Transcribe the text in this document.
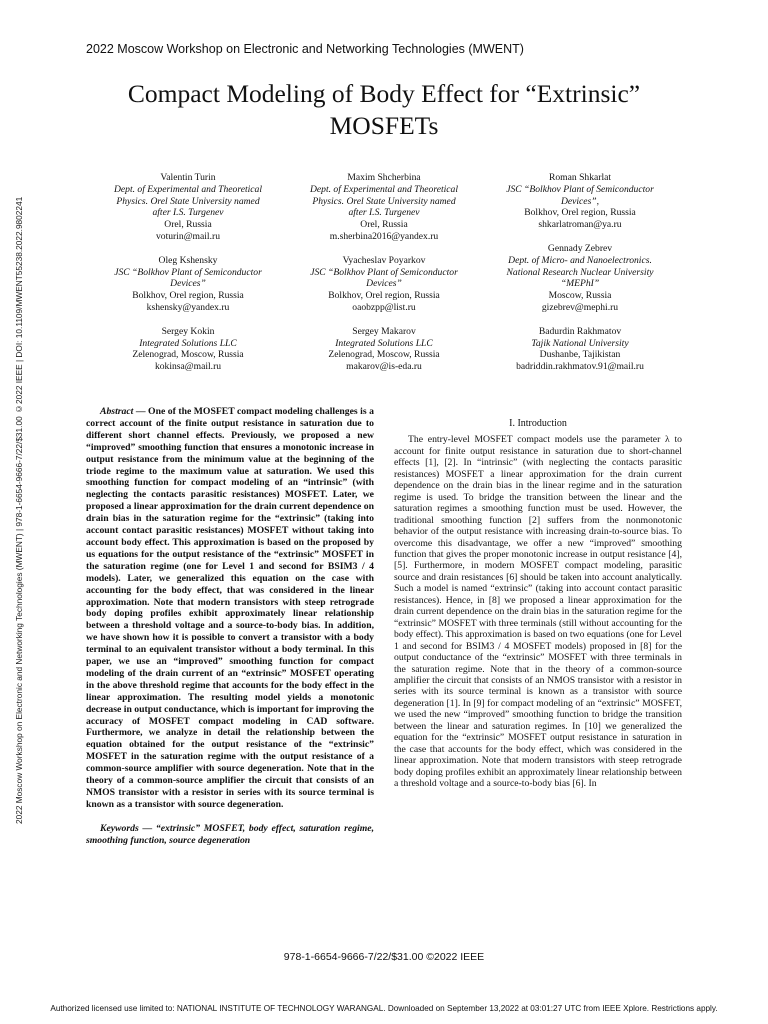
2022 Moscow Workshop on Electronic and Networking Technologies (MWENT) | 978-1-6654-9666-7/22/$31.00 ©2022 IEEE | DOI: 10.1109/MWENT55238.2022.9802241
2022 Moscow Workshop on Electronic and Networking Technologies (MWENT)
Compact Modeling of Body Effect for “Extrinsic”
MOSFETs
Valentin Turin
Dept. of Experimental and Theoretical
Physics. Orel State University named
after I.S. Turgenev
Orel, Russia
voturin@mail.ru
Oleg Kshensky
JSC “Bolkhov Plant of Semiconductor
Devices”
Bolkhov, Orel region, Russia
kshensky@yandex.ru
Sergey Kokin
Integrated Solutions LLC
Zelenograd, Moscow, Russia
kokinsa@mail.ru
Maxim Shcherbina
Dept. of Experimental and Theoretical
Physics. Orel State University named
after I.S. Turgenev
Orel, Russia
m.sherbina2016@yandex.ru
Vyacheslav Poyarkov
JSC “Bolkhov Plant of Semiconductor
Devices”
Bolkhov, Orel region, Russia
oaobzpp@list.ru
Sergey Makarov
Integrated Solutions LLC
Zelenograd, Moscow, Russia
makarov@is-eda.ru
Roman Shkarlat
JSC “Bolkhov Plant of Semiconductor
Devices”,
Bolkhov, Orel region, Russia
shkarlatroman@ya.ru
Gennady Zebrev
Dept. of Micro- and Nanoelectronics.
National Research Nuclear University
“MEPhI”
Moscow, Russia
gizebrev@mephi.ru
Badurdin Rakhmatov
Tajik National University
Dushanbe, Tajikistan
badriddin.rakhmatov.91@mail.ru

Abstract — One of the MOSFET compact modeling challenges is a correct account of the finite output resistance in saturation due to different short channel effects. Previously, we proposed a new “improved” smoothing function that ensures a monotonic increase in output resistance from the minimum value at the beginning of the triode regime to the maximum value at saturation. We used this smoothing function for compact modeling of an “intrinsic” (with neglecting the contacts parasitic resistances) MOSFET. Later, we proposed a linear approximation for the drain current dependence on drain bias in the saturation regime for the “extrinsic” (taking into account contact parasitic resistances) MOSFET without taking into account body effect. This approximation is based on the proposed by us equations for the output resistance of the “extrinsic” MOSFET in the saturation regime (one for Level 1 and second for BSIM3 / 4 models). Later, we generalized this equation on the case with accounting for the body effect, that was considered in the linear approximation. Note that modern transistors with steep retrograde body doping profiles exhibit approximately linear relationship between a threshold voltage and a source-to-body bias. In addition, we have shown how it is possible to convert a transistor with a body terminal to an equivalent transistor without a body terminal. In this paper, we use an “improved” smoothing function for compact modeling of the drain current of an “extrinsic” MOSFET operating in the above threshold regime that accounts for the body effect in the linear approximation. The resulting model yields a monotonic decrease in output conductance, which is important for improving the accuracy of MOSFET compact modeling in CAD software. Furthermore, we analyze in detail the relationship between the equation obtained for the output resistance of the “extrinsic” MOSFET in the saturation regime with the output resistance of a common-source amplifier with source degeneration. Note that in the theory of a common-source amplifier the circuit that consists of an NMOS transistor with a resistor in series with its source terminal is known as a transistor with source degeneration.

Keywords — “extrinsic” MOSFET, body effect, saturation regime, smoothing function, source degeneration

I. Introduction

The entry-level MOSFET compact models use the parameter λ to account for finite output resistance in saturation due to short-channel effects [1], [2]. In “intrinsic” (with neglecting the contacts parasitic resistances) MOSFET a linear approximation for the drain current dependence on the drain bias in the linear regime and in the saturation regime is used. To bridge the transition between the linear and the saturation regimes a smoothing function must be used. However, the traditional smoothing function [2] suffers from the nonmonotonic behavior of the output resistance with increasing drain-to-source bias. To overcome this disadvantage, we offer a new “improved” smoothing function that gives the proper monotonic increase in output resistance [4], [5]. Furthermore, in modern MOSFET compact modeling, parasitic source and drain resistances [6] should be taken into account analytically. Such a model is named “extrinsic” (taking into account contact parasitic resistances). Hence, in [8] we proposed a linear approximation for the drain current dependence on the drain bias in the saturation regime for the “extrinsic” MOSFET with three terminals (still without accounting for the body effect). This approximation is based on two equations (one for Level 1 and second for BSIM3 / 4 MOSFET models) proposed in [8] for the output conductance of the “extrinsic” MOSFET with three terminals in the saturation regime. Note that in the theory of a common-source amplifier the circuit that consists of an NMOS transistor with a resistor in series with its source terminal is known as a transistor with source degeneration [1]. In [9] for compact modeling of an “extrinsic” MOSFET, we used the new “improved” smoothing function to bridge the transition between the linear and saturation regimes. In [10] we generalized the equation for the “extrinsic” MOSFET output resistance in saturation in the case that accounts for the body effect, which was considered in the linear approximation. Note that modern transistors with steep retrograde body doping profiles exhibit an approximately linear relationship between a threshold voltage and a source-to-body bias [6]. In

978-1-6654-9666-7/22/$31.00 ©2022 IEEE
Authorized licensed use limited to: NATIONAL INSTITUTE OF TECHNOLOGY WARANGAL. Downloaded on September 13,2022 at 03:01:27 UTC from IEEE Xplore. Restrictions apply.
